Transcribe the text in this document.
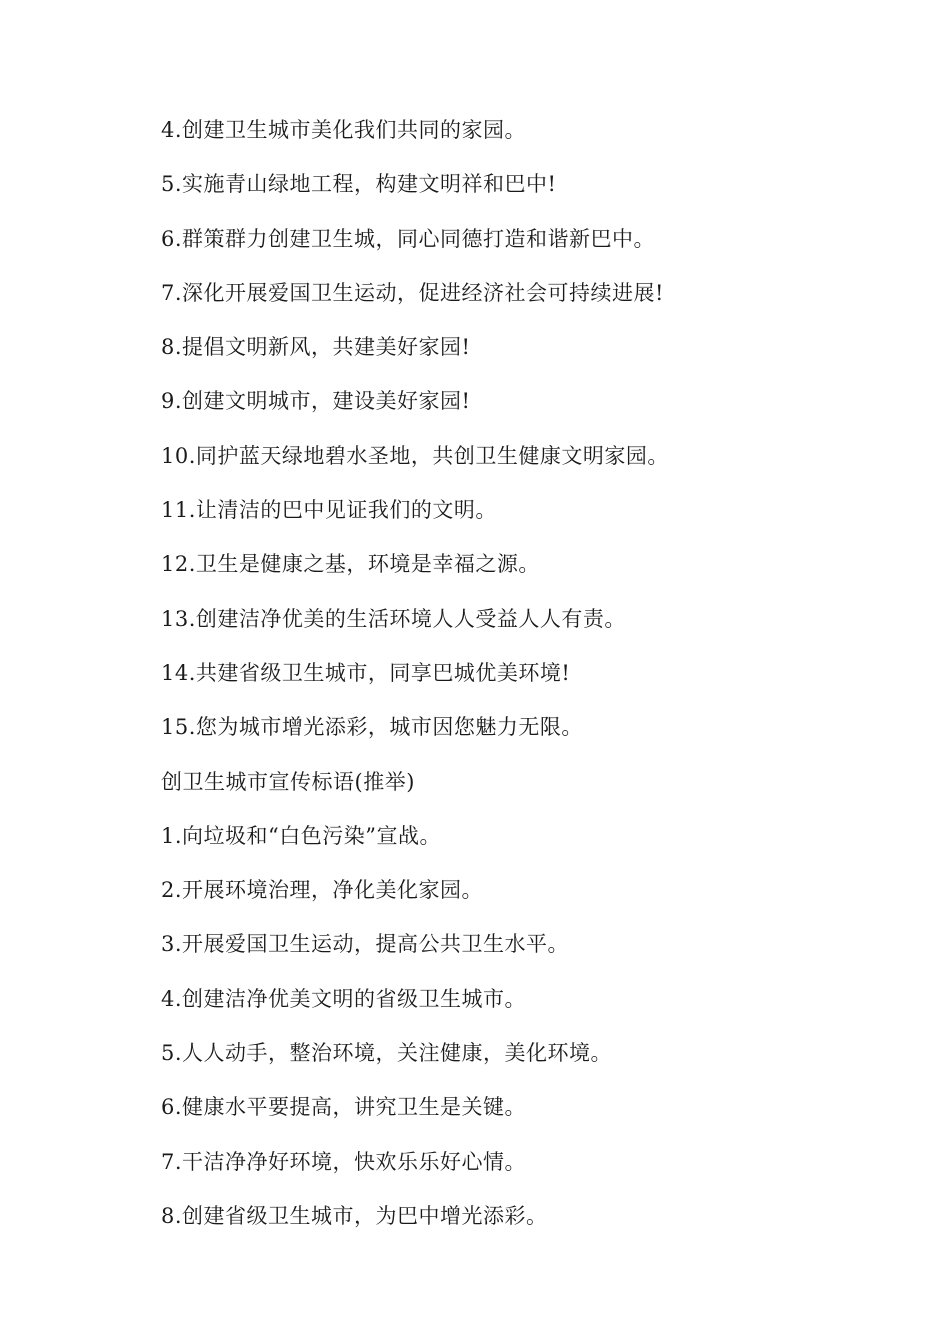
4.创建卫生城市美化我们共同的家园。
5.实施青山绿地工程，构建文明祥和巴中!
6.群策群力创建卫生城，同心同德打造和谐新巴中。
7.深化开展爱国卫生运动，促进经济社会可持续进展!
8.提倡文明新风，共建美好家园!
9.创建文明城市，建设美好家园!
10.同护蓝天绿地碧水圣地，共创卫生健康文明家园。
11.让清洁的巴中见证我们的文明。
12.卫生是健康之基，环境是幸福之源。
13.创建洁净优美的生活环境人人受益人人有责。
14.共建省级卫生城市，同享巴城优美环境!
15.您为城市增光添彩，城市因您魅力无限。
创卫生城市宣传标语(推举)
1.向垃圾和“白色污染”宣战。
2.开展环境治理，净化美化家园。
3.开展爱国卫生运动，提高公共卫生水平。
4.创建洁净优美文明的省级卫生城市。
5.人人动手，整治环境，关注健康，美化环境。
6.健康水平要提高，讲究卫生是关键。
7.干洁净净好环境，快欢乐乐好心情。
8.创建省级卫生城市，为巴中增光添彩。
